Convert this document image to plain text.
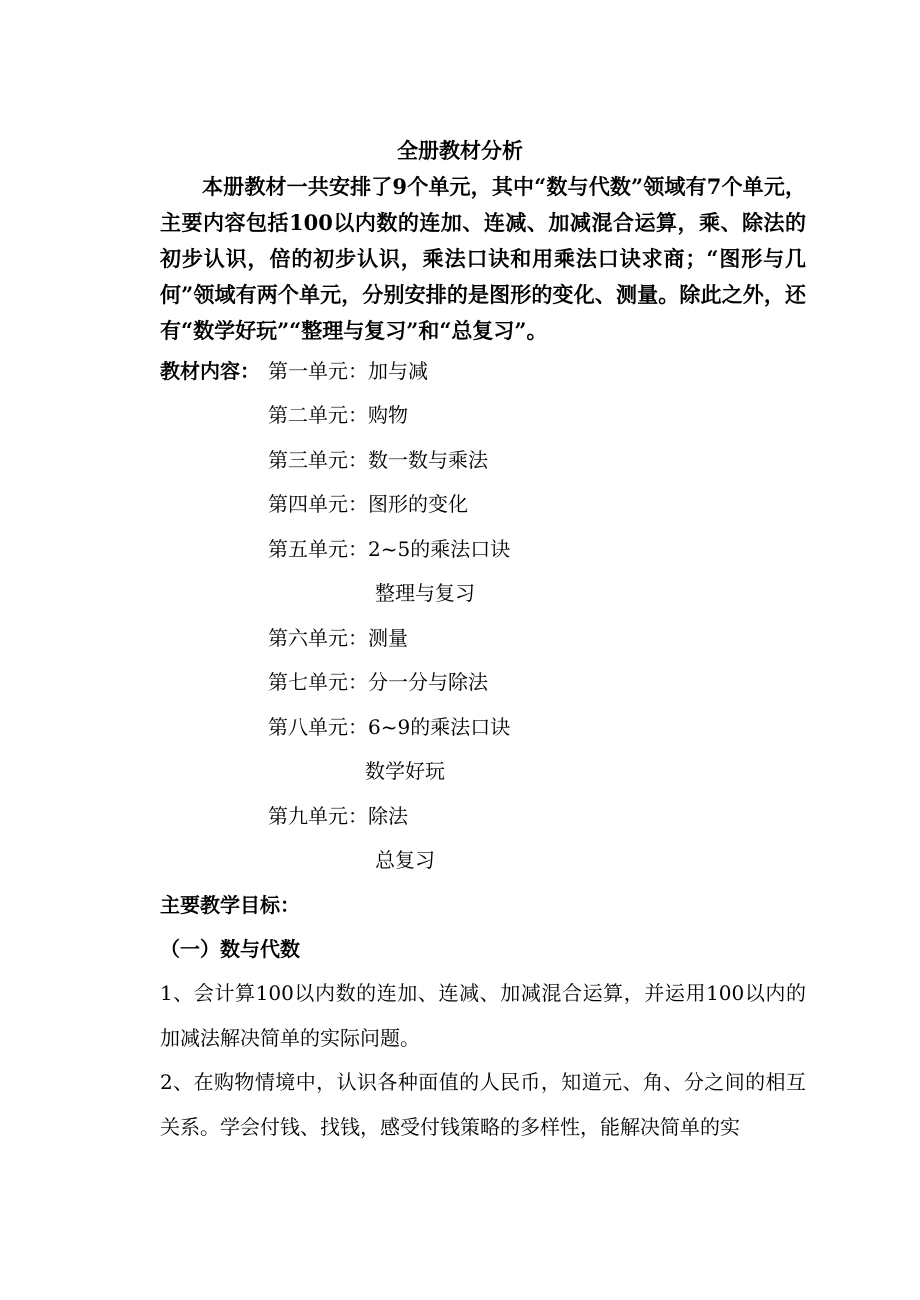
全册教材分析

本册教材一共安排了9个单元，其中“数与代数”领域有7个单元，主要内容包括100以内数的连加、连减、加减混合运算，乘、除法的初步认识，倍的初步认识，乘法口诀和用乘法口诀求商；“图形与几何”领域有两个单元，分别安排的是图形的变化、测量。除此之外，还有“数学好玩”“整理与复习”和“总复习”。

教材内容： 第一单元：加与减
第二单元：购物
第三单元：数一数与乘法
第四单元：图形的变化
第五单元：2~5的乘法口诀
整理与复习
第六单元：测量
第七单元：分一分与除法
第八单元：6~9的乘法口诀
数学好玩
第九单元：除法
总复习
主要教学目标：
（一）数与代数

1、会计算100以内数的连加、连减、加减混合运算，并运用100以内的加减法解决简单的实际问题。

2、在购物情境中，认识各种面值的人民币，知道元、角、分之间的相互关系。学会付钱、找钱，感受付钱策略的多样性，能解决简单的实
